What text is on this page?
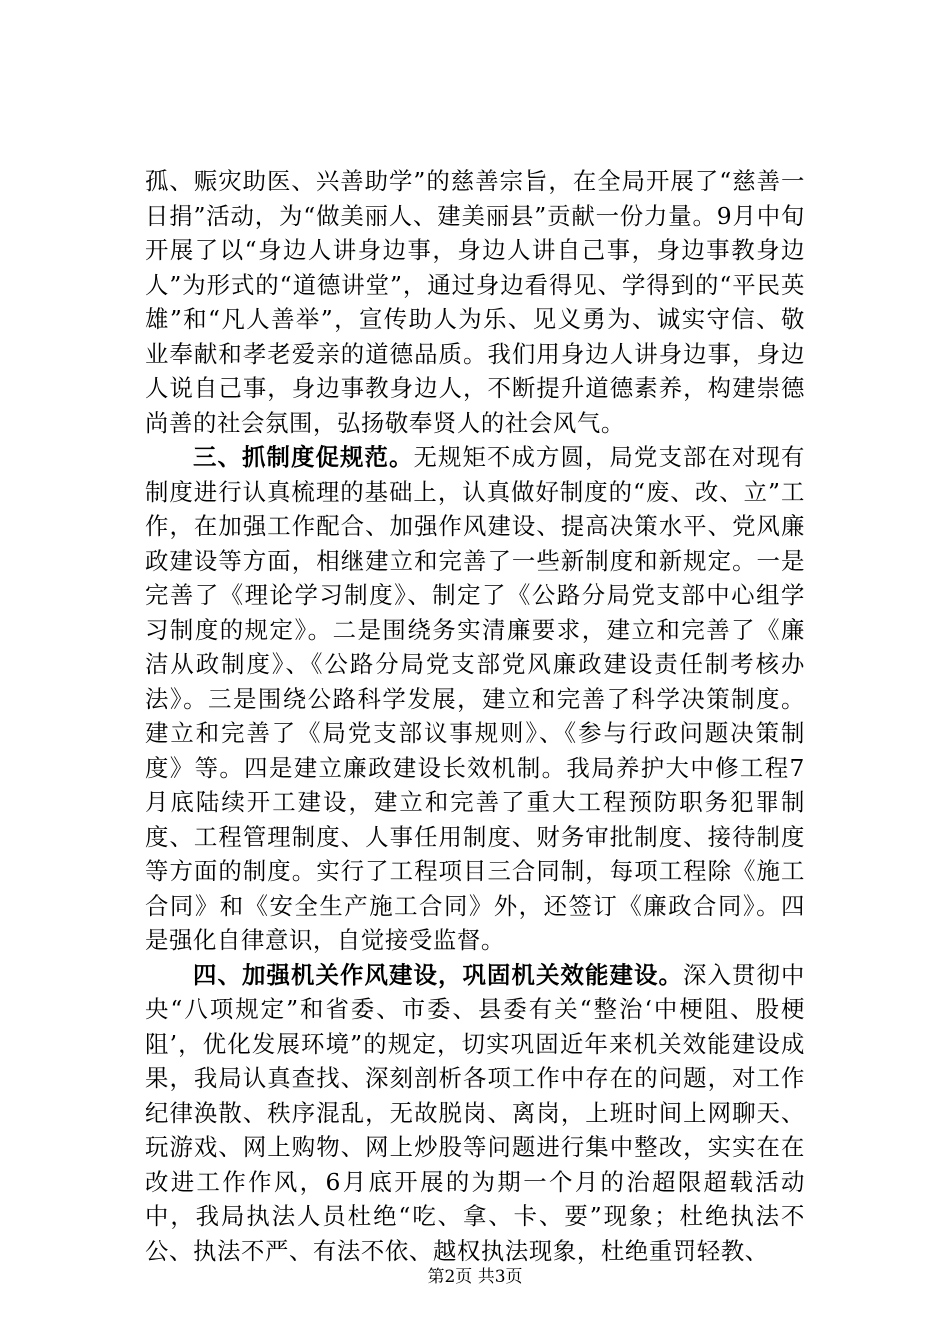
孤、赈灾助医、兴善助学”的慈善宗旨，在全局开展了“慈善一日捐”活动，为“做美丽人、建美丽县”贡献一份力量。9月中旬开展了以“身边人讲身边事，身边人讲自己事，身边事教身边人”为形式的“道德讲堂”，通过身边看得见、学得到的“平民英雄”和“凡人善举”，宣传助人为乐、见义勇为、诚实守信、敬业奉献和孝老爱亲的道德品质。我们用身边人讲身边事，身边人说自己事，身边事教身边人，不断提升道德素养，构建崇德尚善的社会氛围，弘扬敬奉贤人的社会风气。

三、抓制度促规范。无规矩不成方圆，局党支部在对现有制度进行认真梳理的基础上，认真做好制度的“废、改、立”工作，在加强工作配合、加强作风建设、提高决策水平、党风廉政建设等方面，相继建立和完善了一些新制度和新规定。一是完善了《理论学习制度》、制定了《公路分局党支部中心组学习制度的规定》。二是围绕务实清廉要求，建立和完善了《廉洁从政制度》、《公路分局党支部党风廉政建设责任制考核办法》。三是围绕公路科学发展，建立和完善了科学决策制度。建立和完善了《局党支部议事规则》、《参与行政问题决策制度》等。四是建立廉政建设长效机制。我局养护大中修工程7月底陆续开工建设，建立和完善了重大工程预防职务犯罪制度、工程管理制度、人事任用制度、财务审批制度、接待制度等方面的制度。实行了工程项目三合同制，每项工程除《施工合同》和《安全生产施工合同》外，还签订《廉政合同》。四是强化自律意识，自觉接受监督。

四、加强机关作风建设，巩固机关效能建设。深入贯彻中央“八项规定”和省委、市委、县委有关“整治‘中梗阻、股梗阻’，优化发展环境”的规定，切实巩固近年来机关效能建设成果，我局认真查找、深刻剖析各项工作中存在的问题，对工作纪律涣散、秩序混乱，无故脱岗、离岗，上班时间上网聊天、玩游戏、网上购物、网上炒股等问题进行集中整改，实实在在改进工作作风，6月底开展的为期一个月的治超限超载活动中，我局执法人员杜绝“吃、拿、卡、要”现象；杜绝执法不公、执法不严、有法不依、越权执法现象，杜绝重罚轻教、

第2页 共3页
